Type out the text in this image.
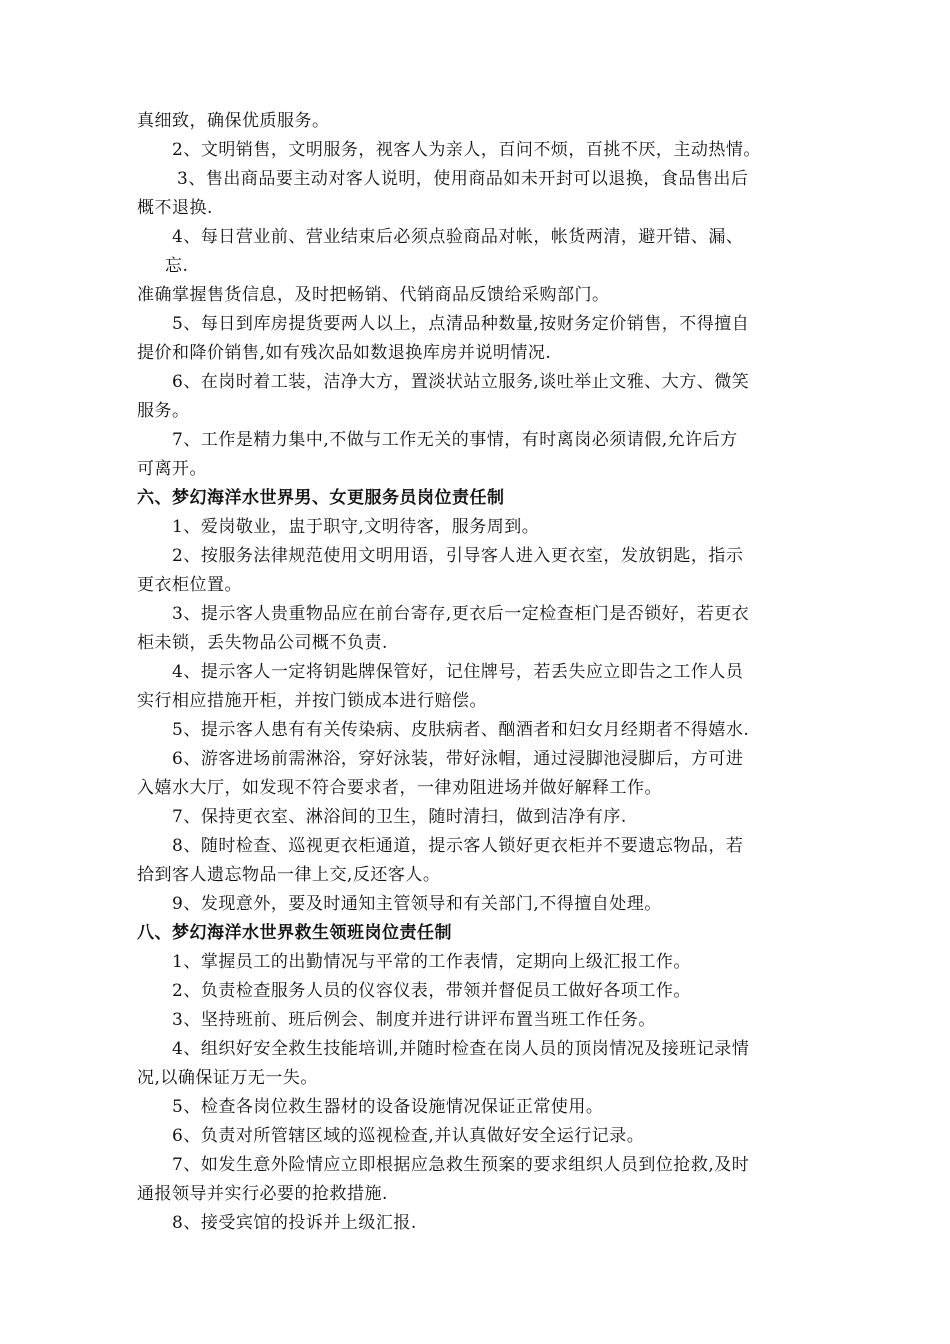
真细致，确保优质服务。
2、文明销售，文明服务，视客人为亲人，百问不烦，百挑不厌，主动热情。
3、售出商品要主动对客人说明，使用商品如未开封可以退换，食品售出后
概不退换.
4、每日营业前、营业结束后必须点验商品对帐，帐货两清，避开错、漏、
忘.
准确掌握售货信息，及时把畅销、代销商品反馈给采购部门。
5、每日到库房提货要两人以上，点清品种数量,按财务定价销售，不得擅自
提价和降价销售,如有残次品如数退换库房并说明情况.
6、在岗时着工装，洁净大方，置淡状站立服务,谈吐举止文雅、大方、微笑
服务。
7、工作是精力集中,不做与工作无关的事情，有时离岗必须请假,允许后方
可离开。
六、梦幻海洋水世界男、女更服务员岗位责任制
1、爱岗敬业，盅于职守,文明待客，服务周到。
2、按服务法律规范使用文明用语，引导客人进入更衣室，发放钥匙，指示
更衣柜位置。
3、提示客人贵重物品应在前台寄存,更衣后一定检查柜门是否锁好，若更衣
柜未锁，丢失物品公司概不负责.
4、提示客人一定将钥匙牌保管好，记住牌号，若丢失应立即告之工作人员
实行相应措施开柜，并按门锁成本进行赔偿。
5、提示客人患有有关传染病、皮肤病者、酗酒者和妇女月经期者不得嬉水.
6、游客进场前需淋浴，穿好泳装，带好泳帽，通过浸脚池浸脚后，方可进
入嬉水大厅，如发现不符合要求者，一律劝阻进场并做好解释工作。
7、保持更衣室、淋浴间的卫生，随时清扫，做到洁净有序.
8、随时检查、巡视更衣柜通道，提示客人锁好更衣柜并不要遗忘物品，若
拾到客人遗忘物品一律上交,反还客人。
9、发现意外，要及时通知主管领导和有关部门,不得擅自处理。
八、梦幻海洋水世界救生领班岗位责任制
1、掌握员工的出勤情况与平常的工作表情，定期向上级汇报工作。
2、负责检查服务人员的仪容仪表，带领并督促员工做好各项工作。
3、坚持班前、班后例会、制度并进行讲评布置当班工作任务。
4、组织好安全救生技能培训,并随时检查在岗人员的顶岗情况及接班记录情
况,以确保证万无一失。
5、检查各岗位救生器材的设备设施情况保证正常使用。
6、负责对所管辖区域的巡视检查,并认真做好安全运行记录。
7、如发生意外险情应立即根据应急救生预案的要求组织人员到位抢救,及时
通报领导并实行必要的抢救措施.
8、接受宾馆的投诉并上级汇报.
